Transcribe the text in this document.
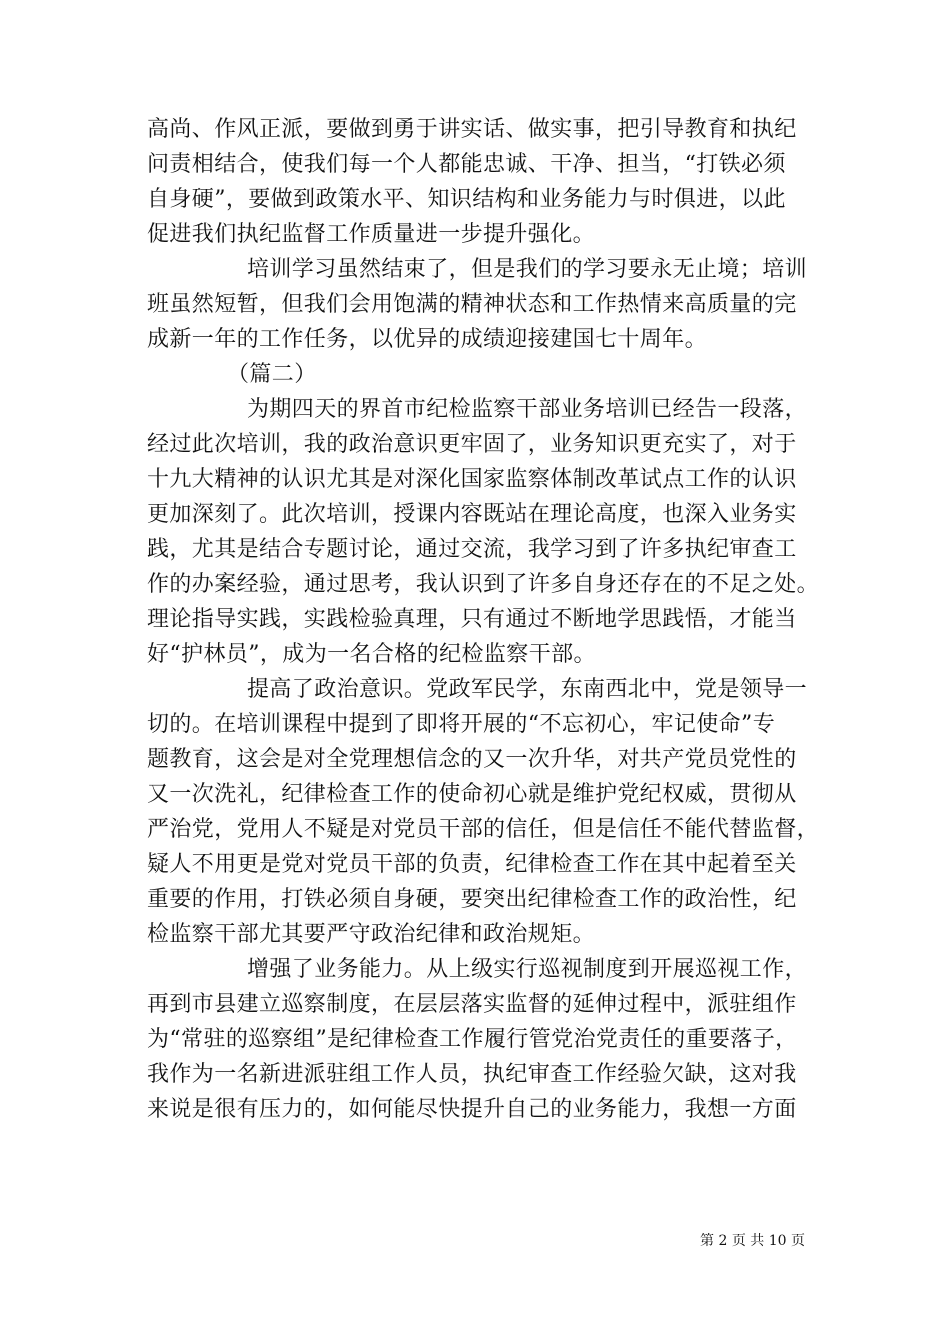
高尚、作风正派，要做到勇于讲实话、做实事，把引导教育和执纪
问责相结合，使我们每一个人都能忠诚、干净、担当，“打铁必须
自身硬”，要做到政策水平、知识结构和业务能力与时俱进，以此
促进我们执纪监督工作质量进一步提升强化。
培训学习虽然结束了，但是我们的学习要永无止境；培训
班虽然短暂，但我们会用饱满的精神状态和工作热情来高质量的完
成新一年的工作任务，以优异的成绩迎接建国七十周年。
（篇二）
为期四天的界首市纪检监察干部业务培训已经告一段落，
经过此次培训，我的政治意识更牢固了，业务知识更充实了，对于
十九大精神的认识尤其是对深化国家监察体制改革试点工作的认识
更加深刻了。此次培训，授课内容既站在理论高度，也深入业务实
践，尤其是结合专题讨论，通过交流，我学习到了许多执纪审查工
作的办案经验，通过思考，我认识到了许多自身还存在的不足之处。
理论指导实践，实践检验真理，只有通过不断地学思践悟，才能当
好“护林员”，成为一名合格的纪检监察干部。
提高了政治意识。党政军民学，东南西北中，党是领导一
切的。在培训课程中提到了即将开展的“不忘初心，牢记使命”专
题教育，这会是对全党理想信念的又一次升华，对共产党员党性的
又一次洗礼，纪律检查工作的使命初心就是维护党纪权威，贯彻从
严治党，党用人不疑是对党员干部的信任，但是信任不能代替监督，
疑人不用更是党对党员干部的负责，纪律检查工作在其中起着至关
重要的作用，打铁必须自身硬，要突出纪律检查工作的政治性，纪
检监察干部尤其要严守政治纪律和政治规矩。
增强了业务能力。从上级实行巡视制度到开展巡视工作，
再到市县建立巡察制度，在层层落实监督的延伸过程中，派驻组作
为“常驻的巡察组”是纪律检查工作履行管党治党责任的重要落子，
我作为一名新进派驻组工作人员，执纪审查工作经验欠缺，这对我
来说是很有压力的，如何能尽快提升自己的业务能力，我想一方面
第 2 页 共 10 页
